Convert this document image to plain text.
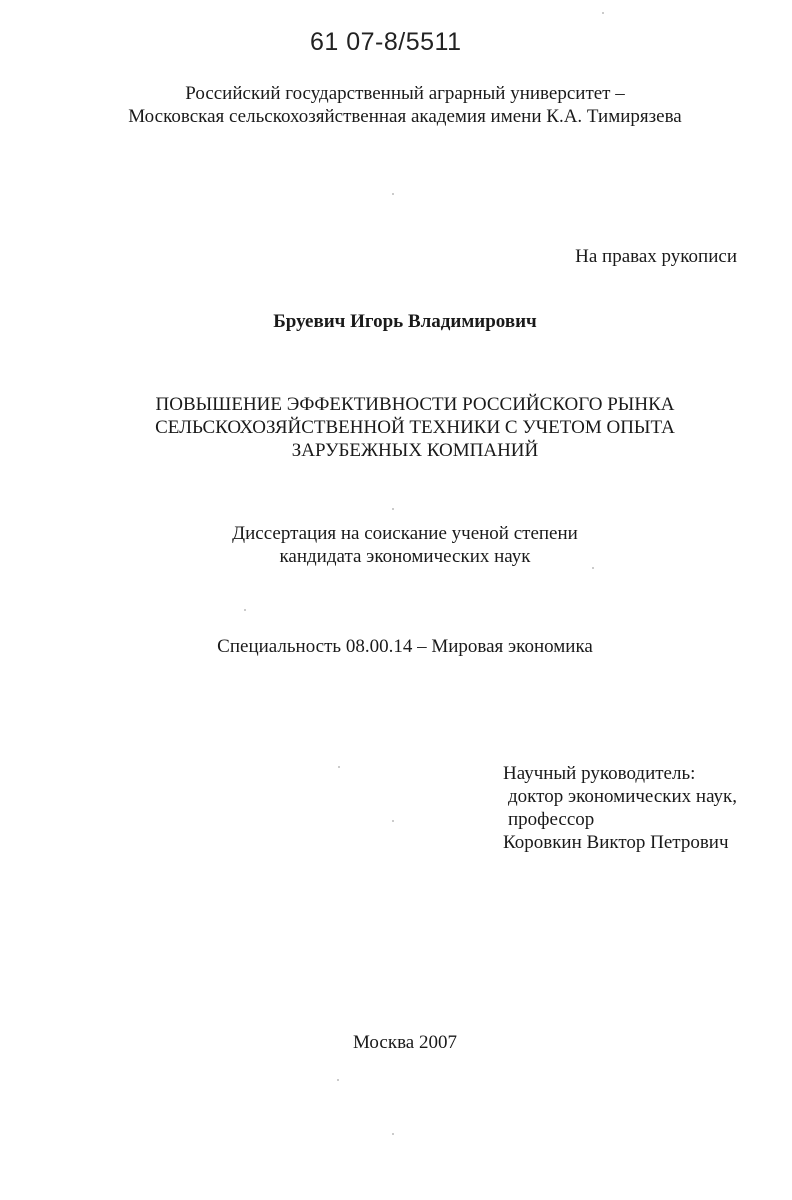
61 07-8/5511
Российский государственный аграрный университет –
Московская сельскохозяйственная академия имени К.А. Тимирязева
На правах рукописи
Бруевич Игорь Владимирович
ПОВЫШЕНИЕ ЭФФЕКТИВНОСТИ РОССИЙСКОГО РЫНКА
СЕЛЬСКОХОЗЯЙСТВЕННОЙ ТЕХНИКИ С УЧЕТОМ ОПЫТА
ЗАРУБЕЖНЫХ КОМПАНИЙ
Диссертация на соискание ученой степени
кандидата экономических наук
Специальность 08.00.14 – Мировая экономика
Научный руководитель:
доктор экономических наук,
профессор
Коровкин Виктор Петрович
Москва 2007
